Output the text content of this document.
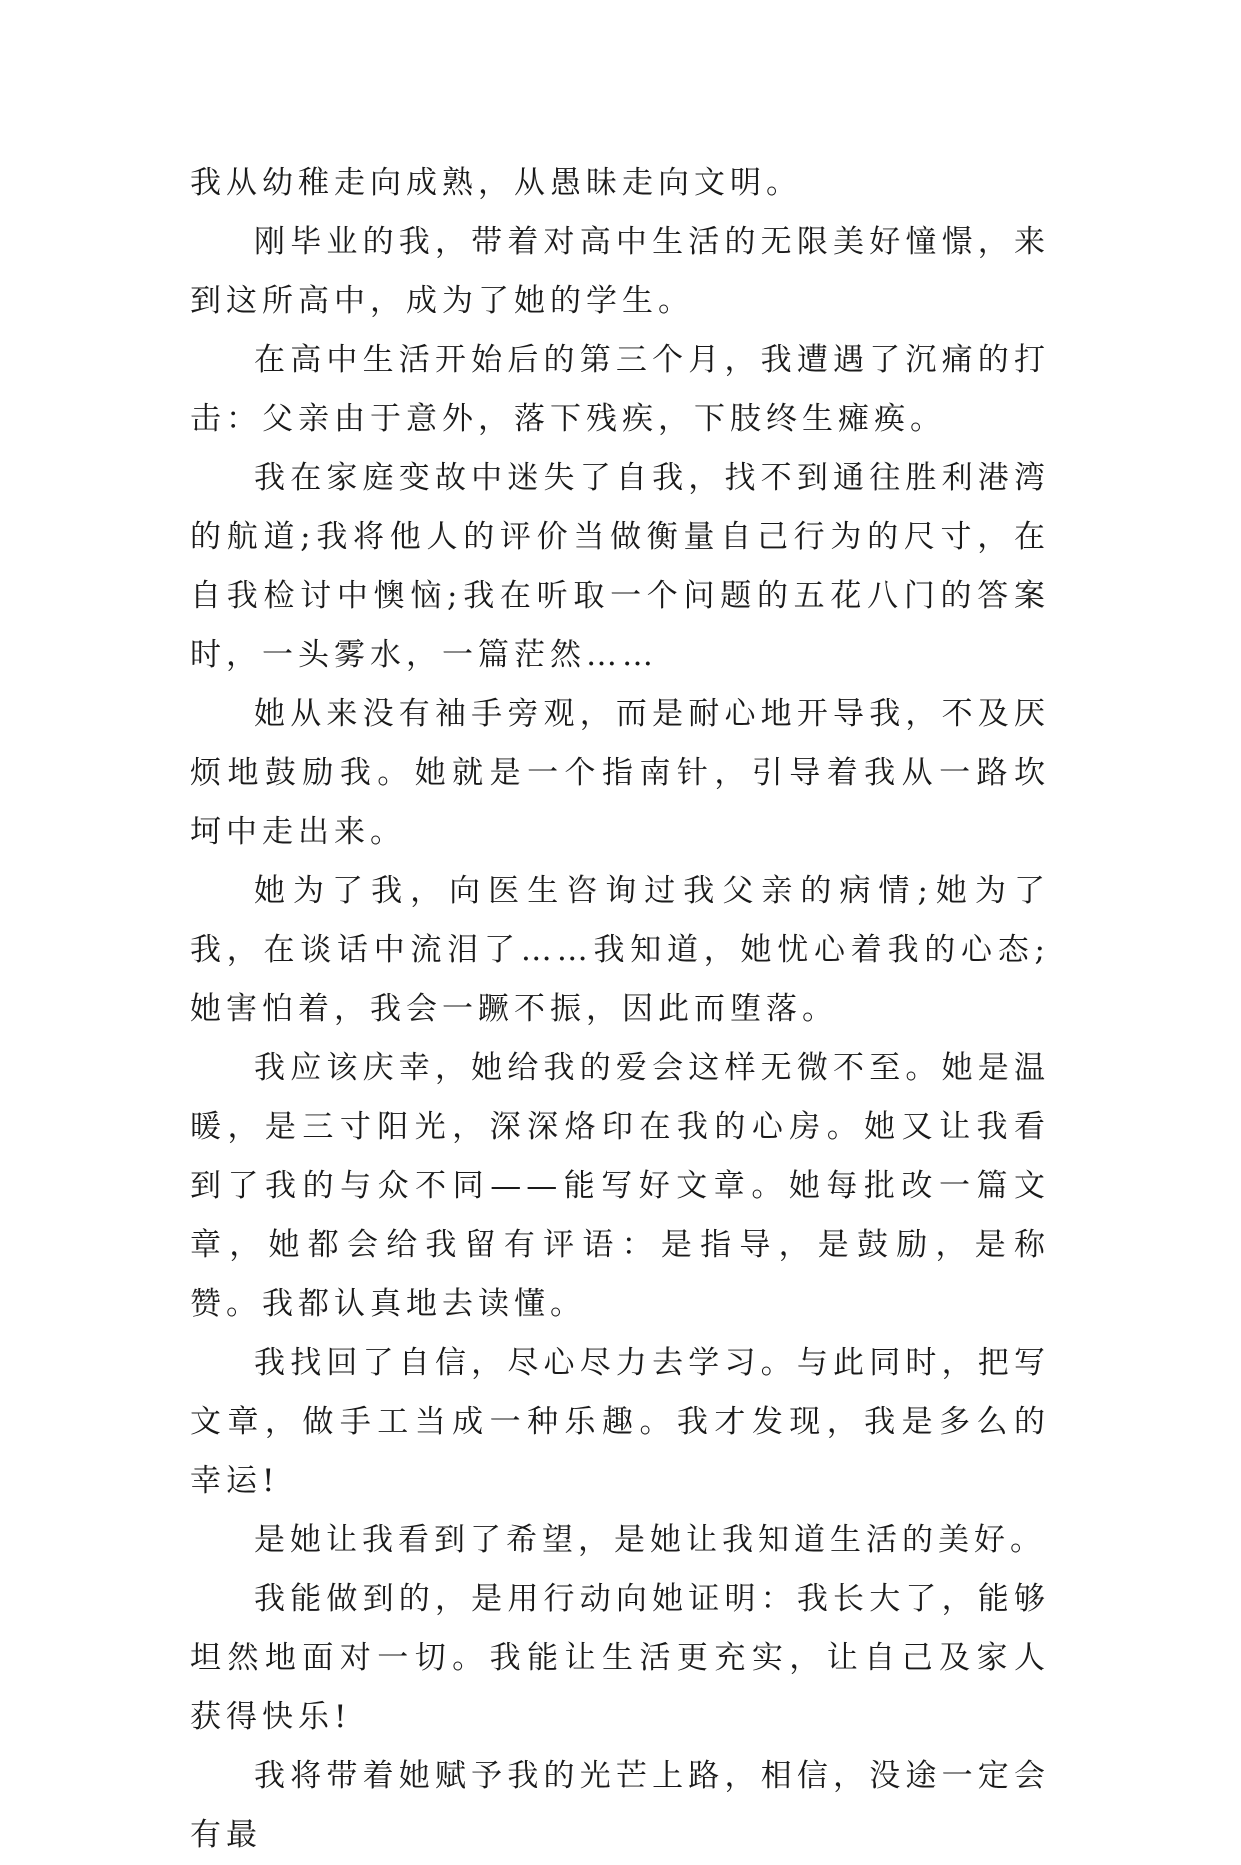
我从幼稚走向成熟，从愚昧走向文明。

刚毕业的我，带着对高中生活的无限美好憧憬，来到这所高中，成为了她的学生。

在高中生活开始后的第三个月，我遭遇了沉痛的打击：父亲由于意外，落下残疾，下肢终生瘫痪。

我在家庭变故中迷失了自我，找不到通往胜利港湾的航道;我将他人的评价当做衡量自己行为的尺寸，在自我检讨中懊恼;我在听取一个问题的五花八门的答案时，一头雾水，一篇茫然……

她从来没有袖手旁观，而是耐心地开导我，不及厌烦地鼓励我。她就是一个指南针，引导着我从一路坎坷中走出来。

她为了我，向医生咨询过我父亲的病情;她为了我，在谈话中流泪了……我知道，她忧心着我的心态;她害怕着，我会一蹶不振，因此而堕落。

我应该庆幸，她给我的爱会这样无微不至。她是温暖，是三寸阳光，深深烙印在我的心房。她又让我看到了我的与众不同——能写好文章。她每批改一篇文章，她都会给我留有评语：是指导，是鼓励，是称赞。我都认真地去读懂。

我找回了自信，尽心尽力去学习。与此同时，把写文章，做手工当成一种乐趣。我才发现，我是多么的幸运!

是她让我看到了希望，是她让我知道生活的美好。

我能做到的，是用行动向她证明：我长大了，能够坦然地面对一切。我能让生活更充实，让自己及家人获得快乐!

我将带着她赋予我的光芒上路，相信，没途一定会有最
